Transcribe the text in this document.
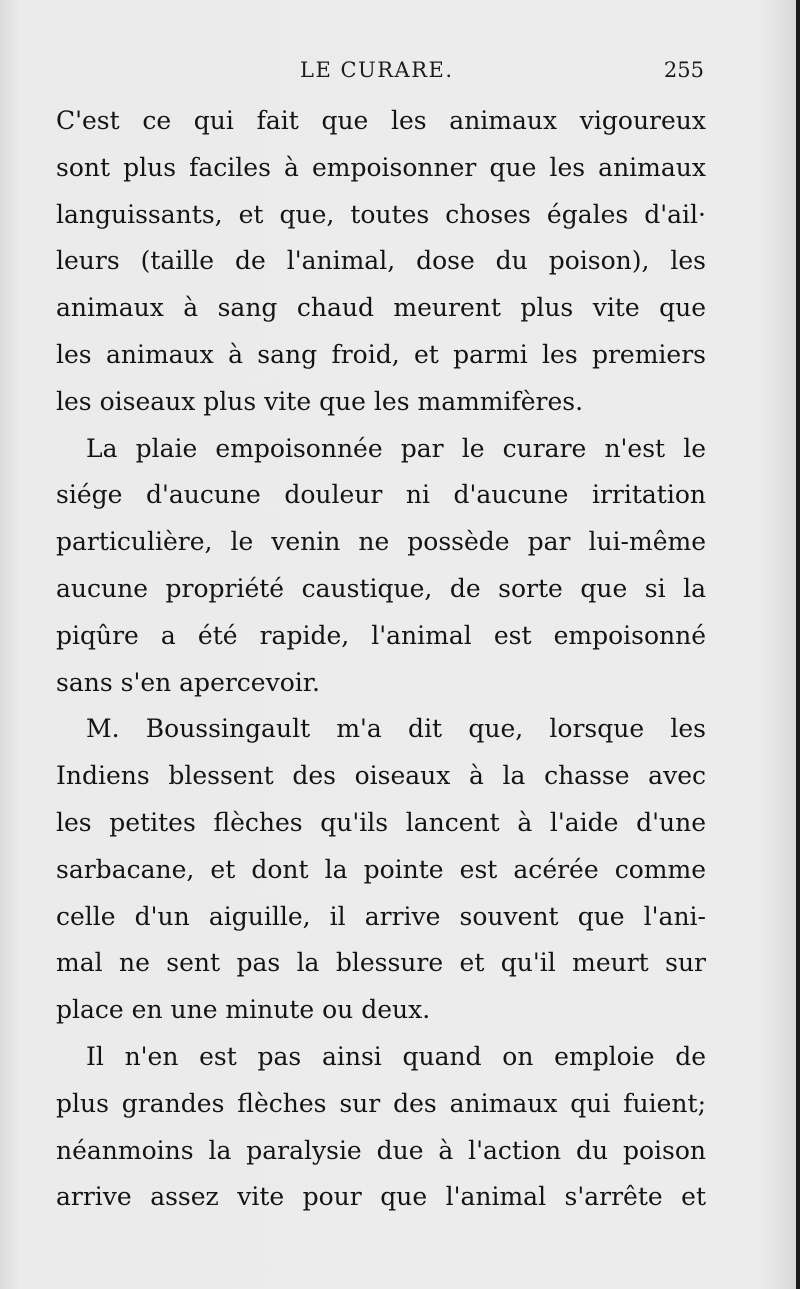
LE CURARE.	255
C'est ce qui fait que les animaux vigoureux
sont plus faciles à empoisonner que les animaux
languissants, et que, toutes choses égales d'ail·
leurs (taille de l'animal, dose du poison), les
animaux à sang chaud meurent plus vite que
les animaux à sang froid, et parmi les premiers
les oiseaux plus vite que les mammifères.
La plaie empoisonnée par le curare n'est le
siége d'aucune douleur ni d'aucune irritation
particulière, le venin ne possède par lui-même
aucune propriété caustique, de sorte que si la
piqûre a été rapide, l'animal est empoisonné
sans s'en apercevoir.
M. Boussingault m'a dit que, lorsque les
Indiens blessent des oiseaux à la chasse avec
les petites flèches qu'ils lancent à l'aide d'une
sarbacane, et dont la pointe est acérée comme
celle d'un aiguille, il arrive souvent que l'ani-
mal ne sent pas la blessure et qu'il meurt sur
place en une minute ou deux.
Il n'en est pas ainsi quand on emploie de
plus grandes flèches sur des animaux qui fuient;
néanmoins la paralysie due à l'action du poison
arrive assez vite pour que l'animal s'arrête et
